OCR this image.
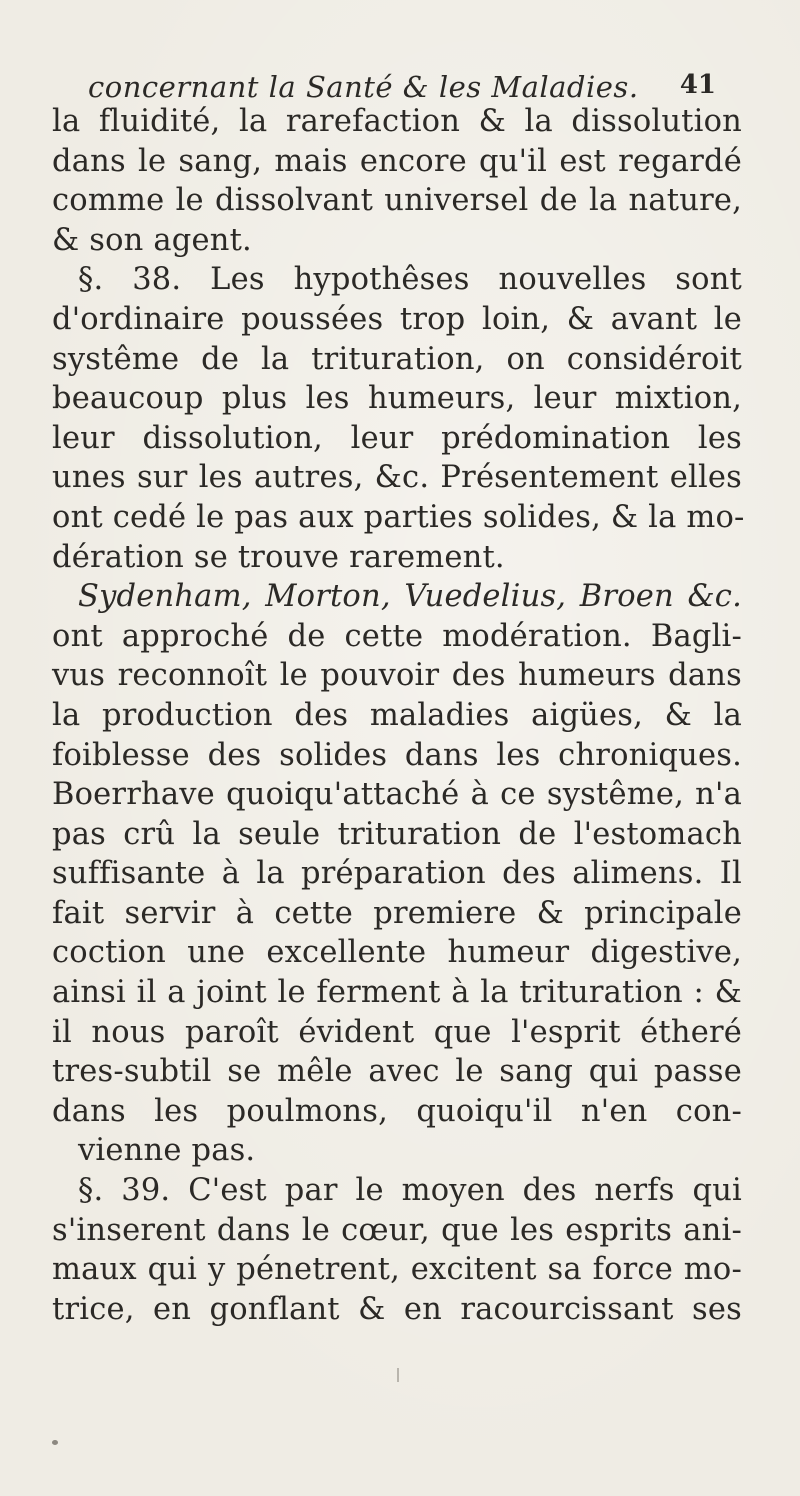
concernant la Santé & les Maladies. 41
la fluidité, la rarefaction & la dissolution
dans le sang, mais encore qu'il est regardé
comme le dissolvant universel de la nature,
& son agent.
§. 38. Les hypothêses nouvelles sont
d'ordinaire poussées trop loin, & avant le
systême de la trituration, on considéroit
beaucoup plus les humeurs, leur mixtion,
leur dissolution, leur prédomination les
unes sur les autres, &c. Présentement elles
ont cedé le pas aux parties solides, & la mo-
dération se trouve rarement.
Sydenham, Morton, Vuedelius, Broen &c.
ont approché de cette modération. Bagli-
vus reconnoît le pouvoir des humeurs dans
la production des maladies aigües, & la
foiblesse des solides dans les chroniques.
Boerrhave quoiqu'attaché à ce systême, n'a
pas crû la seule trituration de l'estomach
suffisante à la préparation des alimens. Il
fait servir à cette premiere & principale
coction une excellente humeur digestive,
ainsi il a joint le ferment à la trituration : &
il nous paroît évident que l'esprit étheré
tres-subtil se mêle avec le sang qui passe
dans les poulmons, quoiqu'il n'en con-
vienne pas.
§. 39. C'est par le moyen des nerfs qui
s'inserent dans le cœur, que les esprits ani-
maux qui y pénetrent, excitent sa force mo-
trice, en gonflant & en racourcissant ses
